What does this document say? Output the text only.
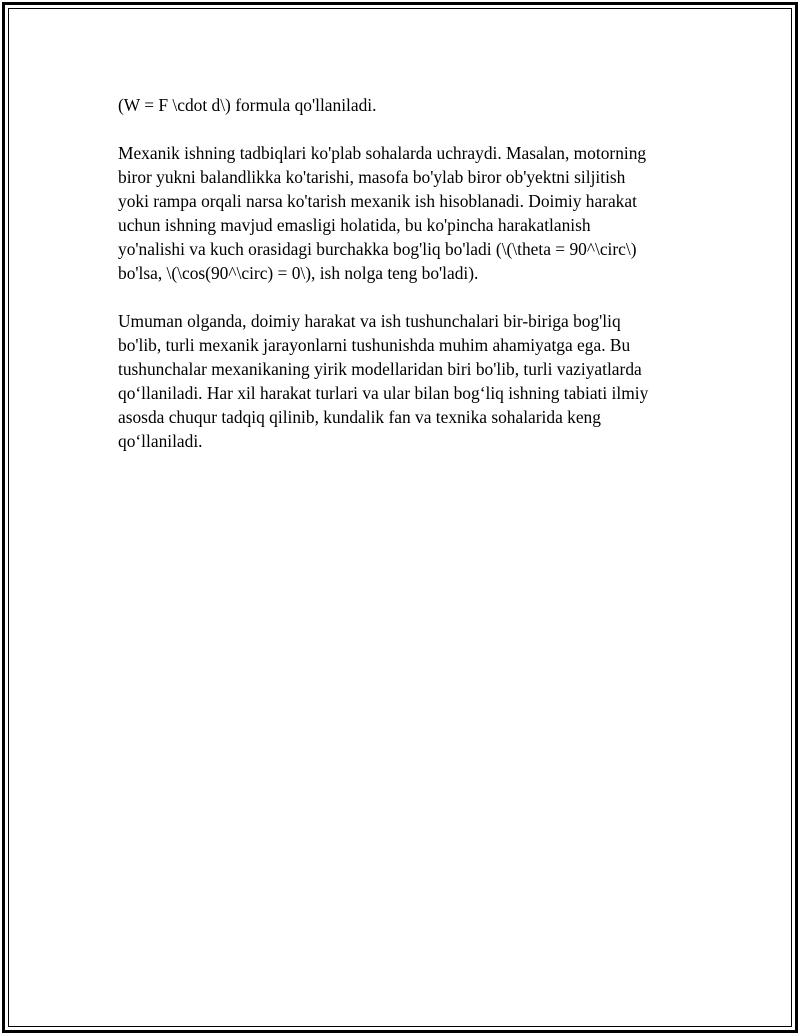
(W = F \cdot d\) formula qo'llaniladi.

Mexanik ishning tadbiqlari ko'plab sohalarda uchraydi. Masalan, motorning
biror yukni balandlikka ko'tarishi, masofa bo'ylab biror ob'yektni siljitish
yoki rampa orqali narsa ko'tarish mexanik ish hisoblanadi. Doimiy harakat
uchun ishning mavjud emasligi holatida, bu ko'pincha harakatlanish
yo'nalishi va kuch orasidagi burchakka bog'liq bo'ladi (\(\theta = 90^\circ\)
bo'lsa, \(\cos(90^\circ) = 0\), ish nolga teng bo'ladi).

Umuman olganda, doimiy harakat va ish tushunchalari bir-biriga bog'liq
bo'lib, turli mexanik jarayonlarni tushunishda muhim ahamiyatga ega. Bu
tushunchalar mexanikaning yirik modellaridan biri bo'lib, turli vaziyatlarda
qo‘llaniladi. Har xil harakat turlari va ular bilan bog‘liq ishning tabiati ilmiy
asosda chuqur tadqiq qilinib, kundalik fan va texnika sohalarida keng
qo‘llaniladi.
